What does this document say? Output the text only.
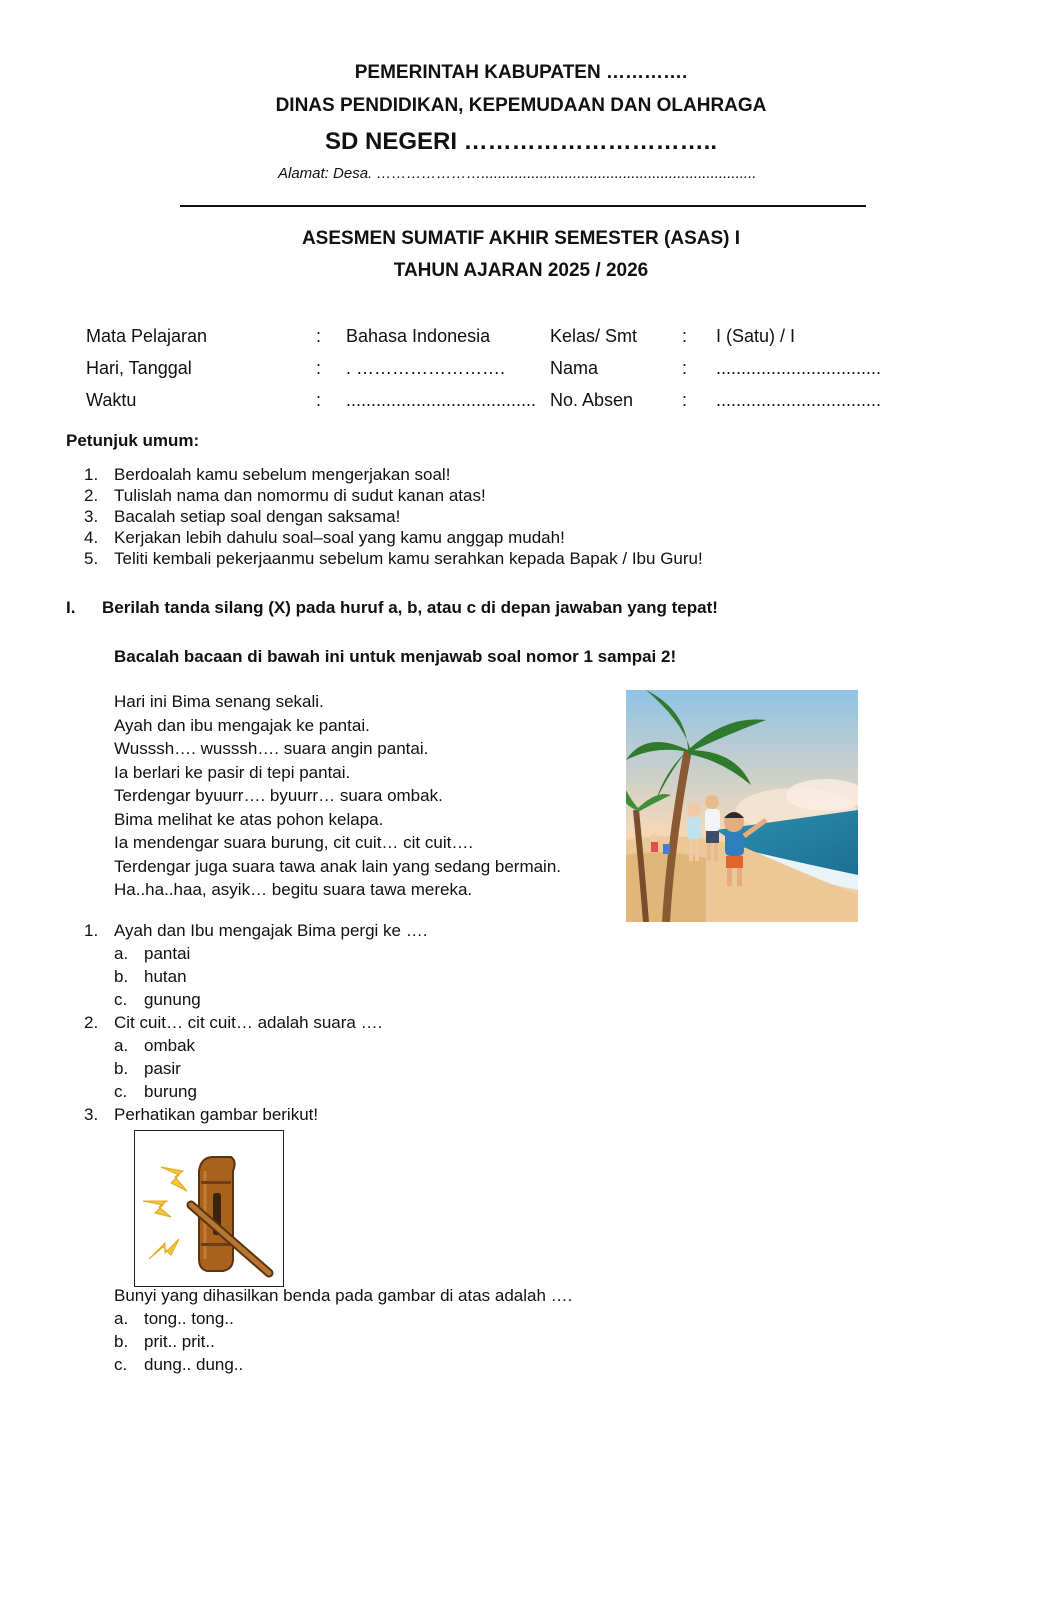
PEMERINTAH KABUPATEN ………….
DINAS PENDIDIKAN, KEPEMUDAAN DAN OLAHRAGA
SD NEGERI …………………………..
Alamat: Desa. …………………..................................................................
ASESMEN SUMATIF AKHIR SEMESTER (ASAS) I
TAHUN AJARAN 2025 / 2026
Mata Pelajaran	: Bahasa Indonesia	Kelas/ Smt : I (Satu) / I
Hari, Tanggal	: . ……………………. Nama	: .................................
Waktu	: ...................................... No. Absen	: .................................
Petunjuk umum:
1. Berdoalah kamu sebelum mengerjakan soal!
2. Tulislah nama dan nomormu di sudut kanan atas!
3. Bacalah setiap soal dengan saksama!
4. Kerjakan lebih dahulu soal–soal yang kamu anggap mudah!
5. Teliti kembali pekerjaanmu sebelum kamu serahkan kepada Bapak / Ibu Guru!
I. Berilah tanda silang (X) pada huruf a, b, atau c di depan jawaban yang tepat!
Bacalah bacaan di bawah ini untuk menjawab soal nomor 1 sampai 2!
Hari ini Bima senang sekali.
Ayah dan ibu mengajak ke pantai.
Wusssh…. wusssh…. suara angin pantai.
Ia berlari ke pasir di tepi pantai.
Terdengar byuurr…. byuurr… suara ombak.
Bima melihat ke atas pohon kelapa.
Ia mendengar suara burung, cit cuit… cit cuit….
Terdengar juga suara tawa anak lain yang sedang bermain.
Ha..ha..haa, asyik… begitu suara tawa mereka.
1. Ayah dan Ibu mengajak Bima pergi ke ….
a. pantai
b. hutan
c. gunung
2. Cit cuit… cit cuit… adalah suara ….
a. ombak
b. pasir
c. burung
3. Perhatikan gambar berikut!
Bunyi yang dihasilkan benda pada gambar di atas adalah ….
a. tong.. tong..
b. prit.. prit..
c. dung.. dung..
